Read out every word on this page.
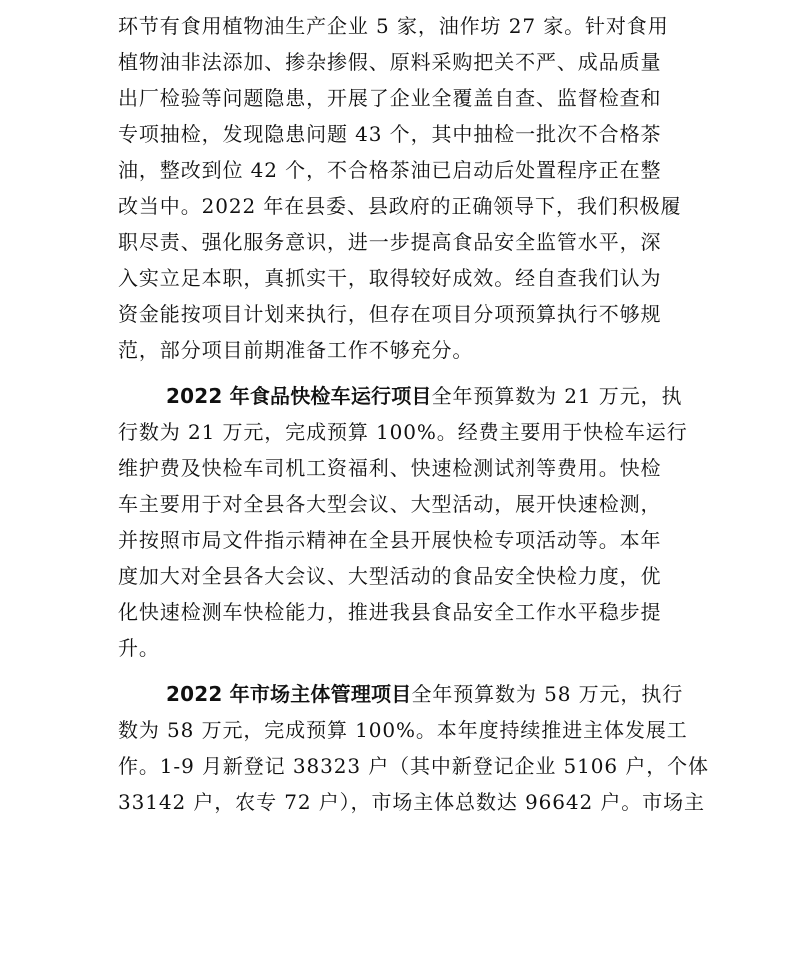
环节有食用植物油生产企业 5 家，油作坊 27 家。针对食用
植物油非法添加、掺杂掺假、原料采购把关不严、成品质量
出厂检验等问题隐患，开展了企业全覆盖自查、监督检查和
专项抽检，发现隐患问题 43 个，其中抽检一批次不合格茶
油，整改到位 42 个，不合格茶油已启动后处置程序正在整
改当中。2022 年在县委、县政府的正确领导下，我们积极履
职尽责、强化服务意识，进一步提高食品安全监管水平，深
入实立足本职，真抓实干，取得较好成效。经自查我们认为
资金能按项目计划来执行，但存在项目分项预算执行不够规
范，部分项目前期准备工作不够充分。
2022 年食品快检车运行项目全年预算数为 21 万元，执
行数为 21 万元，完成预算 100%。经费主要用于快检车运行
维护费及快检车司机工资福利、快速检测试剂等费用。快检
车主要用于对全县各大型会议、大型活动，展开快速检测，
并按照市局文件指示精神在全县开展快检专项活动等。本年
度加大对全县各大会议、大型活动的食品安全快检力度，优
化快速检测车快检能力，推进我县食品安全工作水平稳步提
升。
2022 年市场主体管理项目全年预算数为 58 万元，执行
数为 58 万元，完成预算 100%。本年度持续推进主体发展工
作。1-9 月新登记 38323 户（其中新登记企业 5106 户，个体
33142 户，农专 72 户），市场主体总数达 96642 户。市场主
